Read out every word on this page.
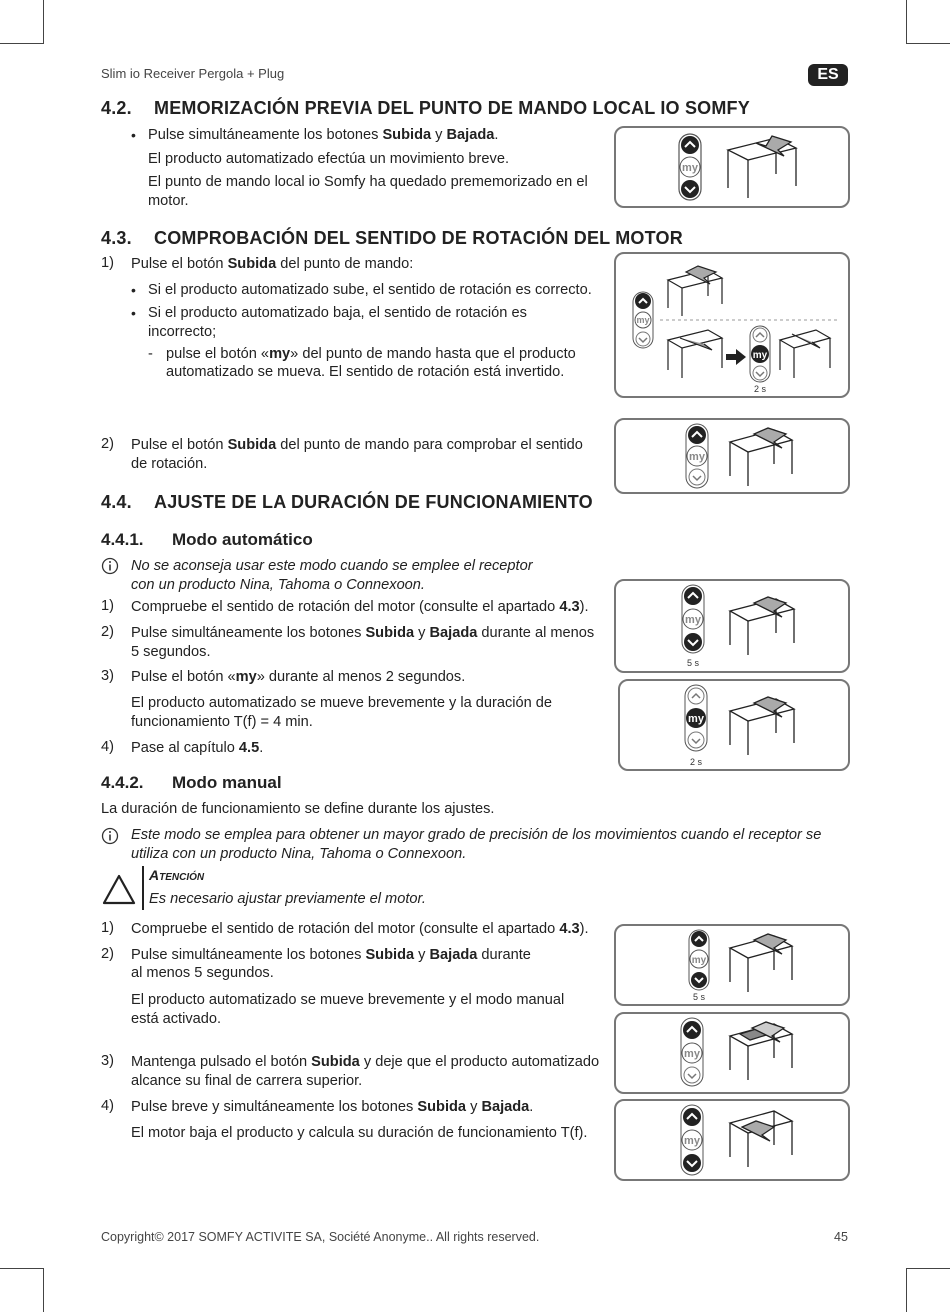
Slim io Receiver Pergola + Plug	ES
4.2. MEMORIZACIÓN PREVIA DEL PUNTO DE MANDO LOCAL IO SOMFY
• Pulse simultáneamente los botones Subida y Bajada.
El producto automatizado efectúa un movimiento breve.
El punto de mando local io Somfy ha quedado prememorizado en el
motor.
4.3. COMPROBACIÓN DEL SENTIDO DE ROTACIÓN DEL MOTOR
1) Pulse el botón Subida del punto de mando:
• Si el producto automatizado sube, el sentido de rotación es correcto.
• Si el producto automatizado baja, el sentido de rotación es
incorrecto;
- pulse el botón «my» del punto de mando hasta que el producto
automatizado se mueva. El sentido de rotación está invertido.
2) Pulse el botón Subida del punto de mando para comprobar el sentido
de rotación.
4.4. AJUSTE DE LA DURACIÓN DE FUNCIONAMIENTO
4.4.1. Modo automático
No se aconseja usar este modo cuando se emplee el receptor
con un producto Nina, Tahoma o Connexoon.
1) Compruebe el sentido de rotación del motor (consulte el apartado 4.3).
2) Pulse simultáneamente los botones Subida y Bajada durante al menos
5 segundos.
3) Pulse el botón «my» durante al menos 2 segundos.
El producto automatizado se mueve brevemente y la duración de
funcionamiento T(f) = 4 min.
4) Pase al capítulo 4.5.
4.4.2. Modo manual
La duración de funcionamiento se define durante los ajustes.
Este modo se emplea para obtener un mayor grado de precisión de los movimientos cuando el receptor se
utiliza con un producto Nina, Tahoma o Connexoon.
Atención
Es necesario ajustar previamente el motor.
1) Compruebe el sentido de rotación del motor (consulte el apartado 4.3).
2) Pulse simultáneamente los botones Subida y Bajada durante
al menos 5 segundos.
El producto automatizado se mueve brevemente y el modo manual
está activado.
3) Mantenga pulsado el botón Subida y deje que el producto automatizado
alcance su final de carrera superior.
4) Pulse breve y simultáneamente los botones Subida y Bajada.
El motor baja el producto y calcula su duración de funcionamiento T(f).
my
my
my
2 s
my
my
5 s
my
2 s
my
5 s
my
my
Copyright© 2017 SOMFY ACTIVITE SA, Société Anonyme.. All rights reserved.	45
